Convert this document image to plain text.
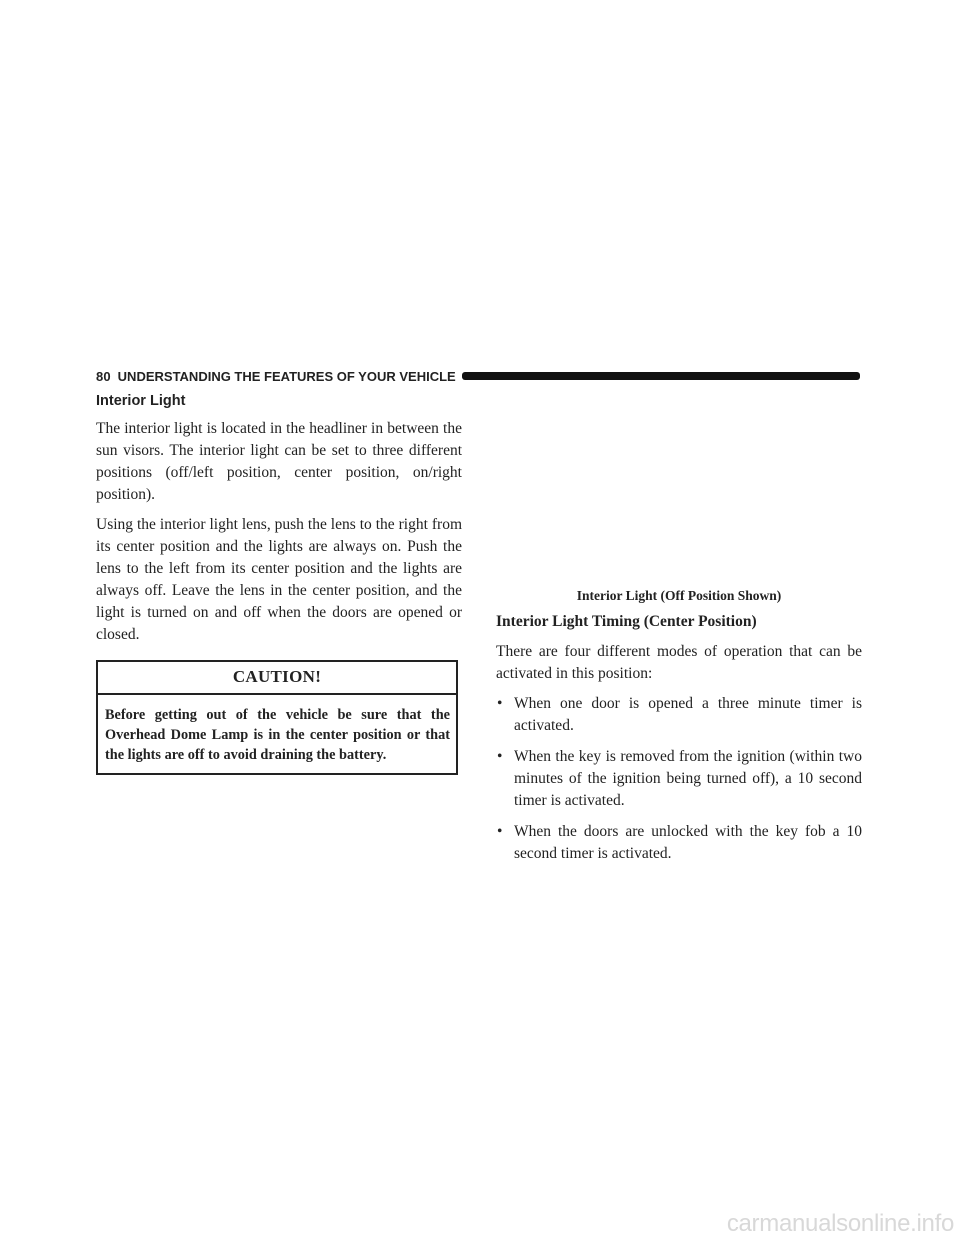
80 UNDERSTANDING THE FEATURES OF YOUR VEHICLE
Interior Light

The interior light is located in the headliner in between the sun visors. The interior light can be set to three different positions (off/left position, center position, on/right position).

Using the interior light lens, push the lens to the right from its center position and the lights are always on. Push the lens to the left from its center position and the lights are always off. Leave the lens in the center position, and the light is turned on and off when the doors are opened or closed.

CAUTION!
Before getting out of the vehicle be sure that the Overhead Dome Lamp is in the center position or that the lights are off to avoid draining the battery.
Interior Light (Off Position Shown)
Interior Light Timing (Center Position)

There are four different modes of operation that can be activated in this position:

• When one door is opened a three minute timer is activated.
• When the key is removed from the ignition (within two minutes of the ignition being turned off), a 10 second timer is activated.
• When the doors are unlocked with the key fob a 10 second timer is activated.
carmanualsonline.info
